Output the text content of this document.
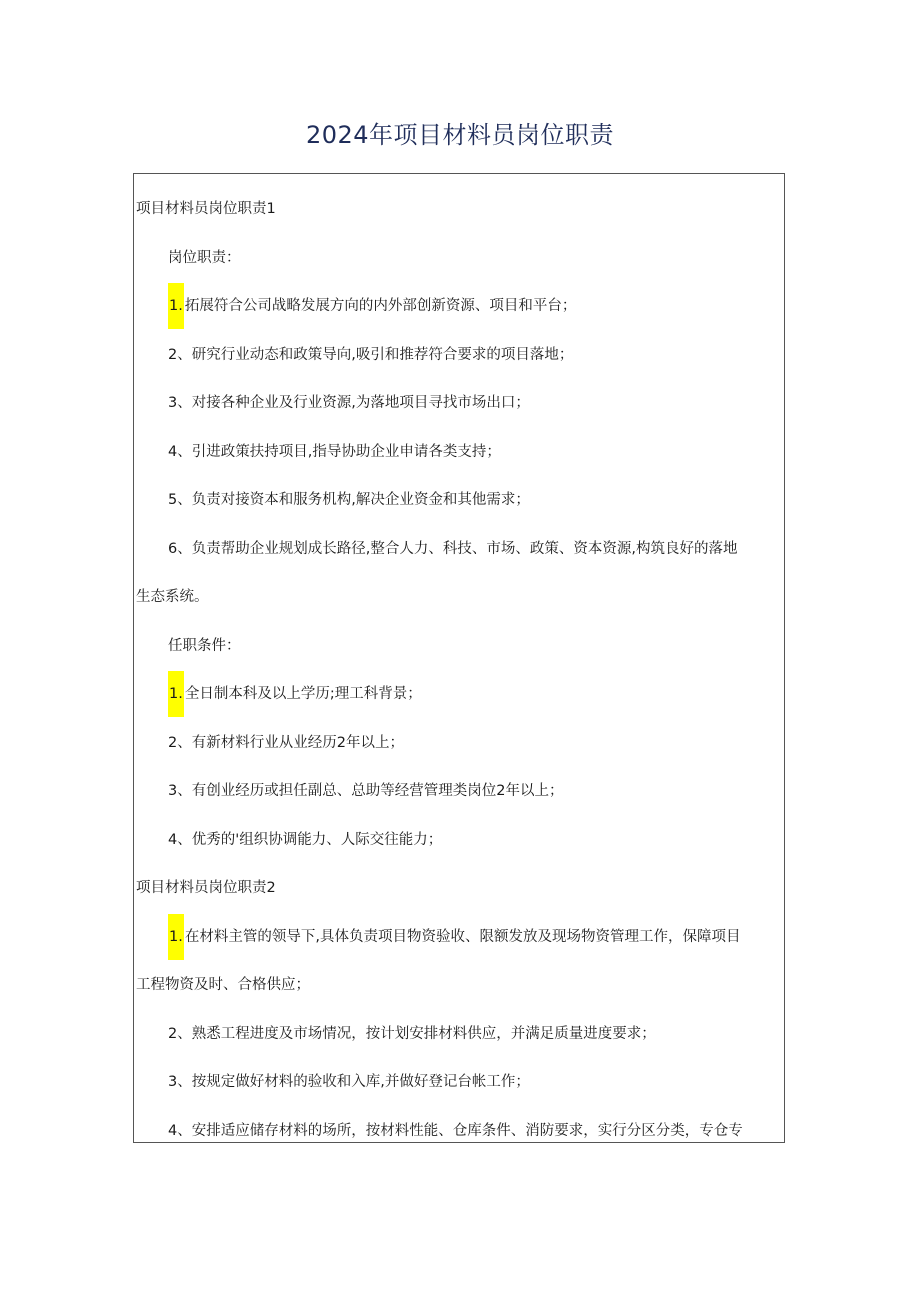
2024年项目材料员岗位职责
项目材料员岗位职责1
岗位职责：
1. 拓展符合公司战略发展方向的内外部创新资源、项目和平台；
2、研究行业动态和政策导向,吸引和推荐符合要求的项目落地；
3、对接各种企业及行业资源,为落地项目寻找市场出口；
4、引进政策扶持项目,指导协助企业申请各类支持；
5、负责对接资本和服务机构,解决企业资金和其他需求；
6、负责帮助企业规划成长路径,整合人力、科技、市场、政策、资本资源,构筑良好的落地
生态系统。
任职条件：
1. 全日制本科及以上学历;理工科背景；
2、有新材料行业从业经历2年以上；
3、有创业经历或担任副总、总助等经营管理类岗位2年以上；
4、优秀的'组织协调能力、人际交往能力；
项目材料员岗位职责2
1. 在材料主管的领导下,具体负责项目物资验收、限额发放及现场物资管理工作，保障项目
工程物资及时、合格供应；
2、熟悉工程进度及市场情况，按计划安排材料供应，并满足质量进度要求；
3、按规定做好材料的验收和入库,并做好登记台帐工作；
4、安排适应储存材料的场所，按材料性能、仓库条件、消防要求，实行分区分类，专仓专
